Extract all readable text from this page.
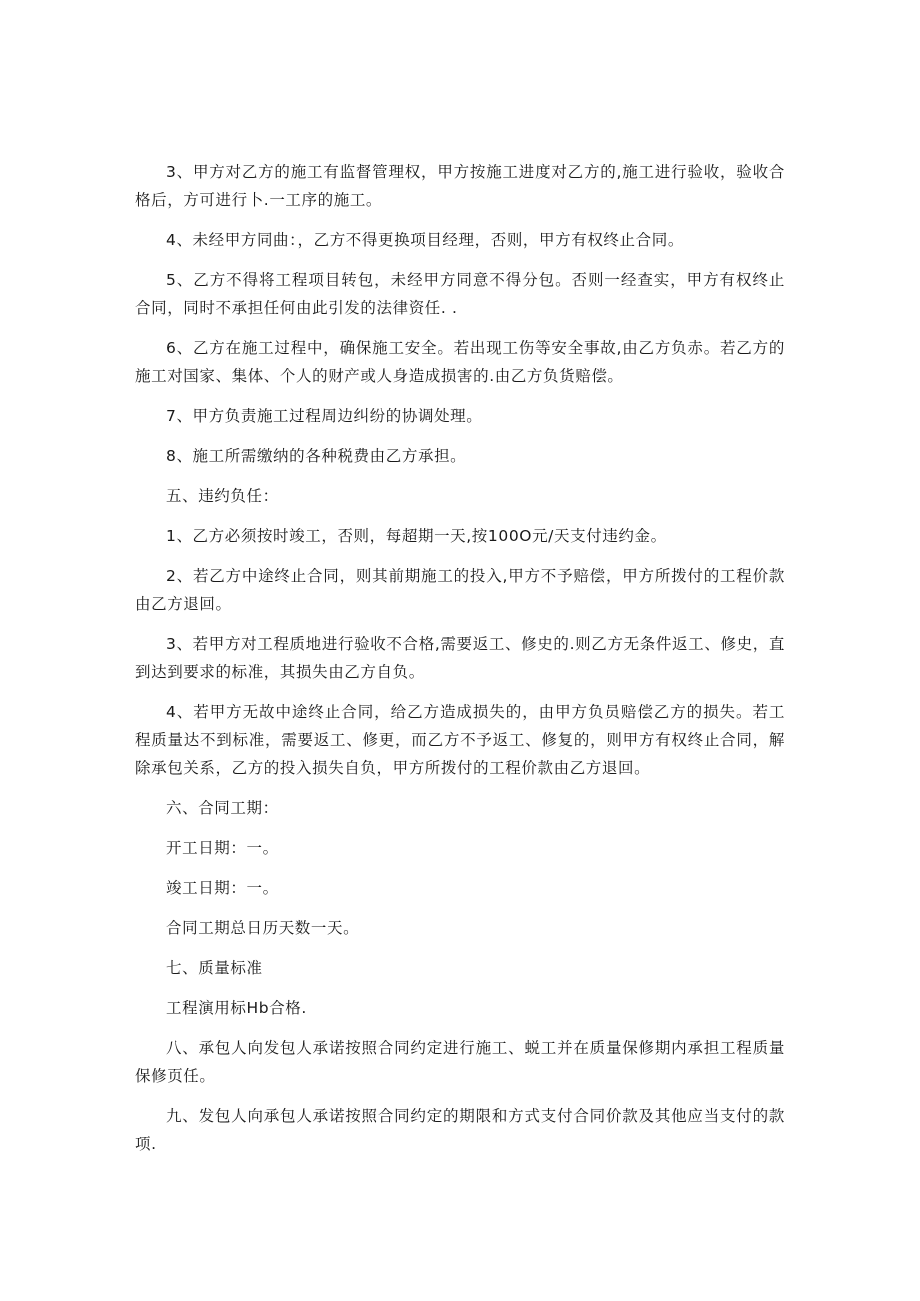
3、甲方对乙方的施工有监督管理权，甲方按施工进度对乙方的,施工进行验收，验收合格后，方可进行卜.一工序的施工。

4、未经甲方同曲：，乙方不得更换项目经理，否则，甲方有权终止合同。

5、乙方不得将工程项目转包，未经甲方同意不得分包。否则一经查实，甲方有权终止合同，同时不承担任何由此引发的法律资任. .

6、乙方在施工过程中，确保施工安全。若出现工伤等安全事故,由乙方负赤。若乙方的施工对国家、集体、个人的财产或人身造成损害的.由乙方负货赔偿。

7、甲方负责施工过程周边纠纷的协调处理。

8、施工所需缴纳的各种税费由乙方承担。

五、违约负任：

1、乙方必须按时竣工，否则，每超期一天,按100O元/天支付违约金。

2、若乙方中途终止合同，则其前期施工的投入,甲方不予赔偿，甲方所拨付的工程价款由乙方退回。

3、若甲方对工程质地进行验收不合格,需要返工、修史的.则乙方无条件返工、修史，直到达到要求的标准，其损失由乙方自负。

4、若甲方无故中途终止合同，给乙方造成损失的，由甲方负员赔偿乙方的损失。若工程质量达不到标准，需要返工、修更，而乙方不予返工、修复的，则甲方有权终止合同，解除承包关系，乙方的投入损失自负，甲方所拨付的工程价款由乙方退回。

六、合同工期：

开工日期：一。

竣工日期：一。

合同工期总日历天数一天。

七、质量标准

工程演用标Hb合格.

八、承包人向发包人承诺按照合同约定进行施工、蜕工并在质量保修期内承担工程质量保修页任。

九、发包人向承包人承诺按照合同约定的期限和方式支付合同价款及其他应当支付的款项.
